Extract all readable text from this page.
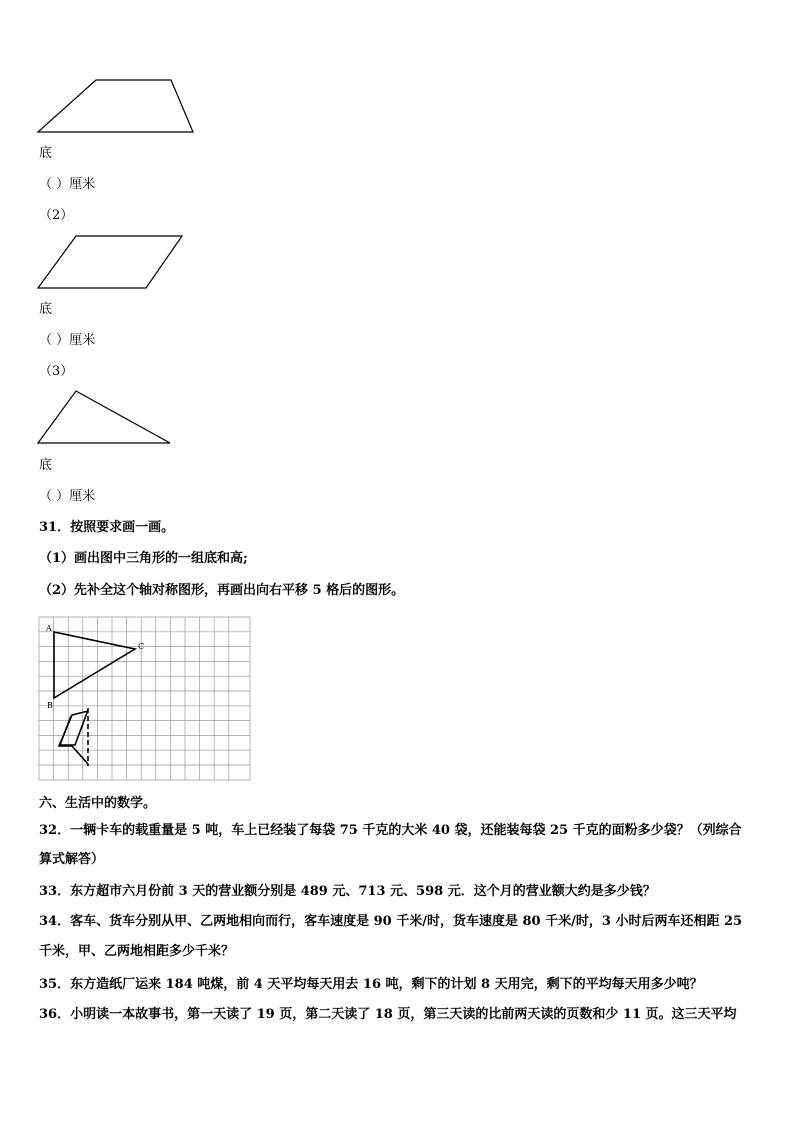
底
（ ）厘米
（2）
底
（ ）厘米
（3）
底
（ ）厘米
31．按照要求画一画。
（1）画出图中三角形的一组底和高;
（2）先补全这个轴对称图形，再画出向右平移 5 格后的图形。
A
B
C
六、生活中的数学。
32．一辆卡车的载重量是 5 吨，车上已经装了每袋 75 千克的大米 40 袋，还能装每袋 25 千克的面粉多少袋？（列综合
算式解答）
33．东方超市六月份前 3 天的营业额分别是 489 元、713 元、598 元．这个月的营业额大约是多少钱？
34．客车、货车分别从甲、乙两地相向而行，客车速度是 90 千米/时，货车速度是 80 千米/时，3 小时后两车还相距 25
千米，甲、乙两地相距多少千米？
35．东方造纸厂运来 184 吨煤，前 4 天平均每天用去 16 吨，剩下的计划 8 天用完，剩下的平均每天用多少吨？
36．小明读一本故事书，第一天读了 19 页，第二天读了 18 页，第三天读的比前两天读的页数和少 11 页。这三天平均
